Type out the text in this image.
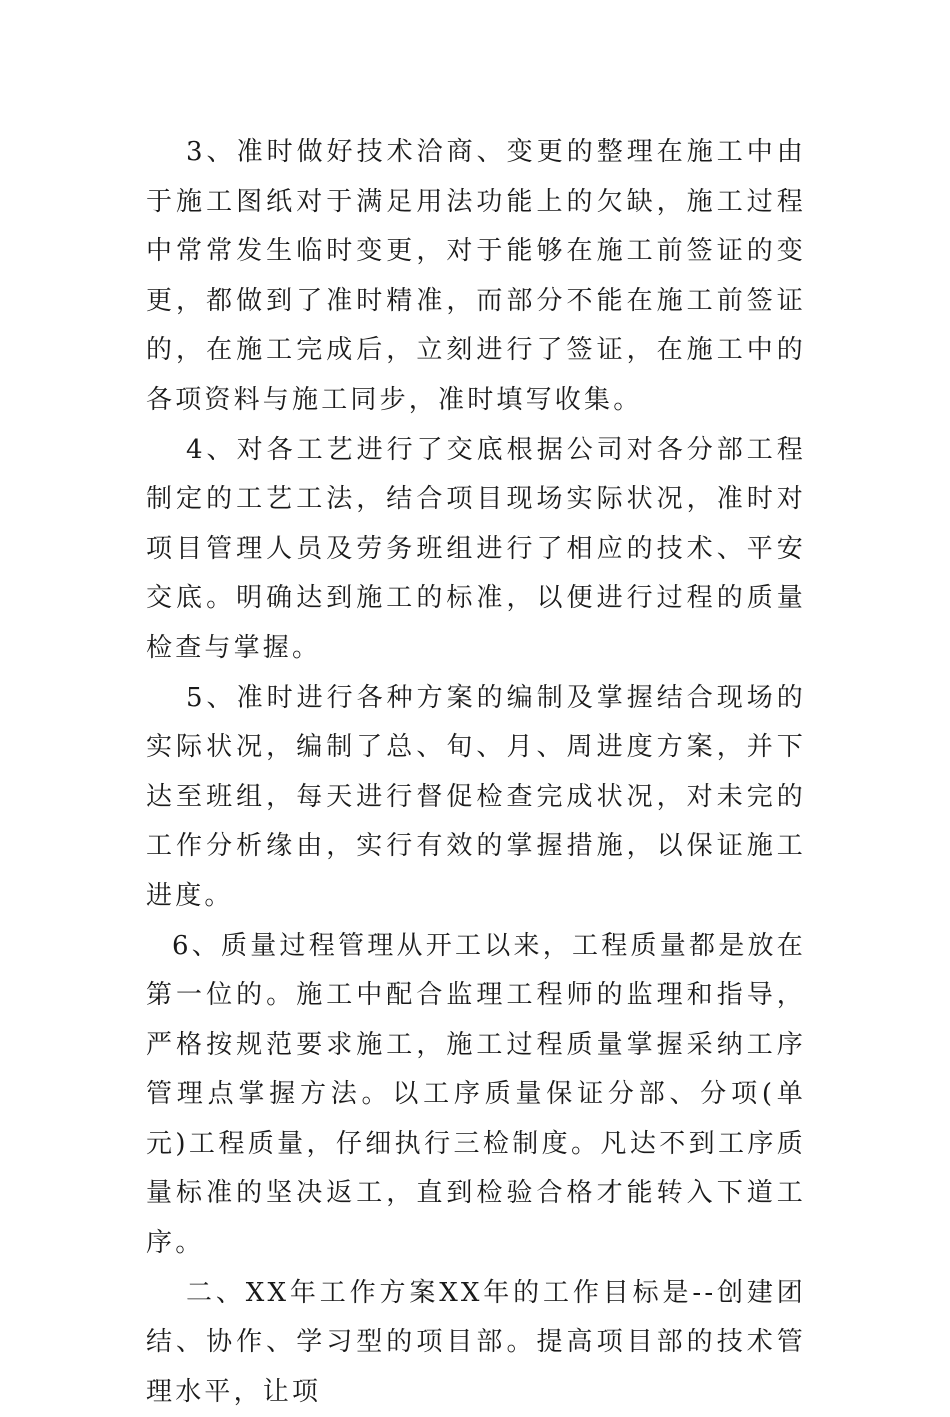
3、准时做好技术洽商、变更的整理在施工中由于施工图纸对于满足用法功能上的欠缺，施工过程中常常发生临时变更，对于能够在施工前签证的变更，都做到了准时精准，而部分不能在施工前签证的，在施工完成后，立刻进行了签证，在施工中的各项资料与施工同步，准时填写收集。

4、对各工艺进行了交底根据公司对各分部工程制定的工艺工法，结合项目现场实际状况，准时对项目管理人员及劳务班组进行了相应的技术、平安交底。明确达到施工的标准，以便进行过程的质量检查与掌握。

5、准时进行各种方案的编制及掌握结合现场的实际状况，编制了总、旬、月、周进度方案，并下达至班组，每天进行督促检查完成状况，对未完的工作分析缘由，实行有效的掌握措施，以保证施工进度。

6、质量过程管理从开工以来，工程质量都是放在第一位的。施工中配合监理工程师的监理和指导，严格按规范要求施工，施工过程质量掌握采纳工序管理点掌握方法。以工序质量保证分部、分项(单元)工程质量，仔细执行三检制度。凡达不到工序质量标准的坚决返工，直到检验合格才能转入下道工序。

二、XX年工作方案XX年的工作目标是--创建团结、协作、学习型的项目部。提高项目部的技术管理水平，让项
